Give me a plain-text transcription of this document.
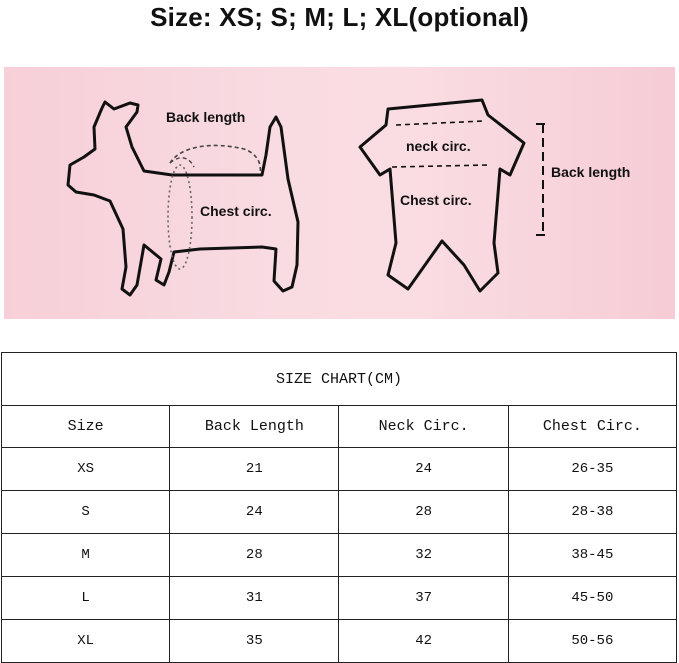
Size: XS; S; M; L; XL(optional)
Back length
Chest circ.
neck circ.
Chest circ.
Back length
SIZE CHART(CM)			
Size	Back Length	Neck Circ.	Chest Circ.
XS	21	24	26-35
S	24	28	28-38
M	28	32	38-45
L	31	37	45-50
XL	35	42	50-56
